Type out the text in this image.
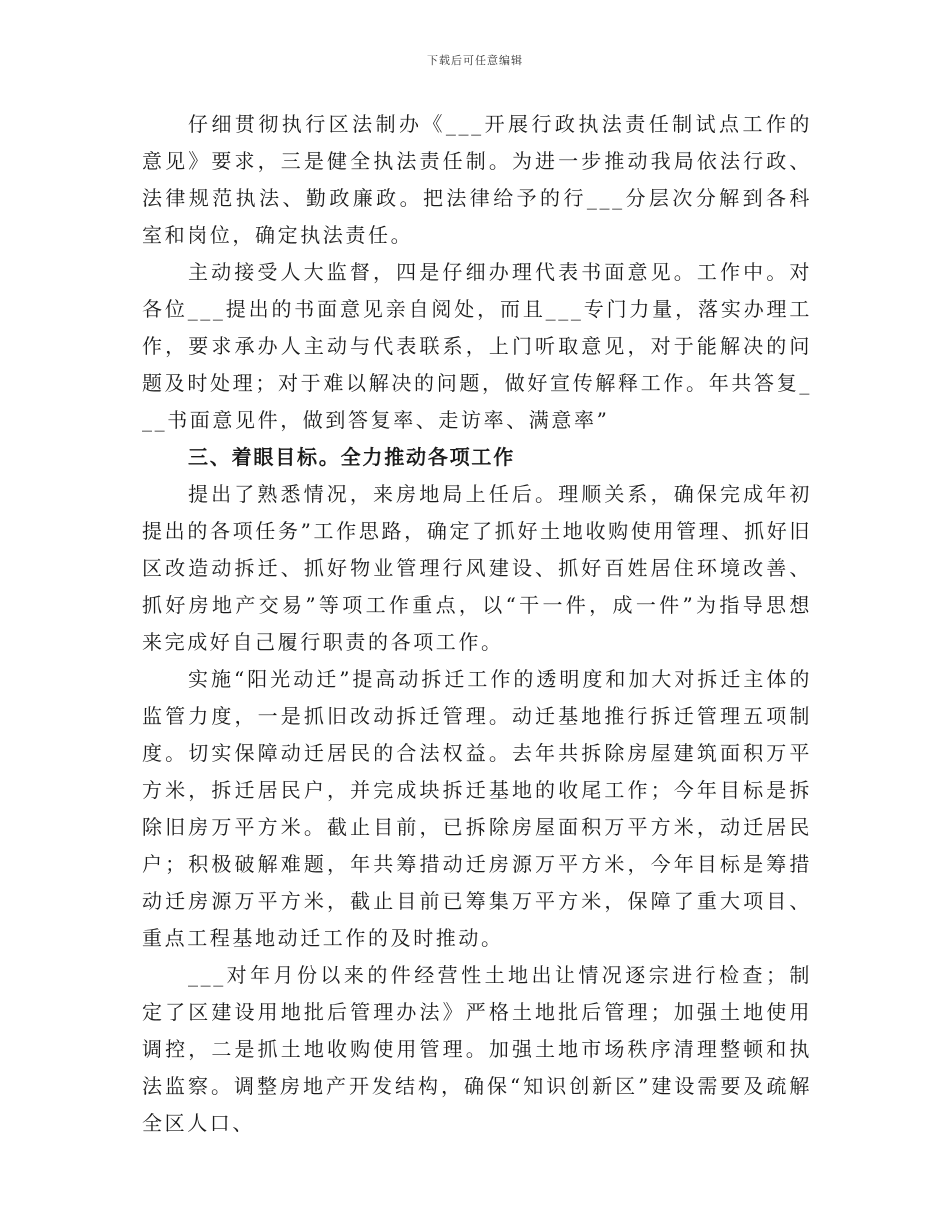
下载后可任意编辑

仔细贯彻执行区法制办《___开展行政执法责任制试点工作的意见》要求，三是健全执法责任制。为进一步推动我局依法行政、法律规范执法、勤政廉政。把法律给予的行___分层次分解到各科室和岗位，确定执法责任。

主动接受人大监督，四是仔细办理代表书面意见。工作中。对各位___提出的书面意见亲自阅处，而且___专门力量，落实办理工作，要求承办人主动与代表联系，上门听取意见，对于能解决的问题及时处理；对于难以解决的问题，做好宣传解释工作。年共答复___书面意见件，做到答复率、走访率、满意率”

三、着眼目标。全力推动各项工作

提出了熟悉情况，来房地局上任后。理顺关系，确保完成年初提出的各项任务”工作思路，确定了抓好土地收购使用管理、抓好旧区改造动拆迁、抓好物业管理行风建设、抓好百姓居住环境改善、抓好房地产交易”等项工作重点，以“干一件，成一件”为指导思想来完成好自己履行职责的各项工作。

实施“阳光动迁”提高动拆迁工作的透明度和加大对拆迁主体的监管力度，一是抓旧改动拆迁管理。动迁基地推行拆迁管理五项制度。切实保障动迁居民的合法权益。去年共拆除房屋建筑面积万平方米，拆迁居民户，并完成块拆迁基地的收尾工作；今年目标是拆除旧房万平方米。截止目前，已拆除房屋面积万平方米，动迁居民户；积极破解难题，年共筹措动迁房源万平方米，今年目标是筹措动迁房源万平方米，截止目前已筹集万平方米，保障了重大项目、重点工程基地动迁工作的及时推动。

___对年月份以来的件经营性土地出让情况逐宗进行检查；制定了区建设用地批后管理办法》严格土地批后管理；加强土地使用调控，二是抓土地收购使用管理。加强土地市场秩序清理整顿和执法监察。调整房地产开发结构，确保“知识创新区”建设需要及疏解全区人口、
